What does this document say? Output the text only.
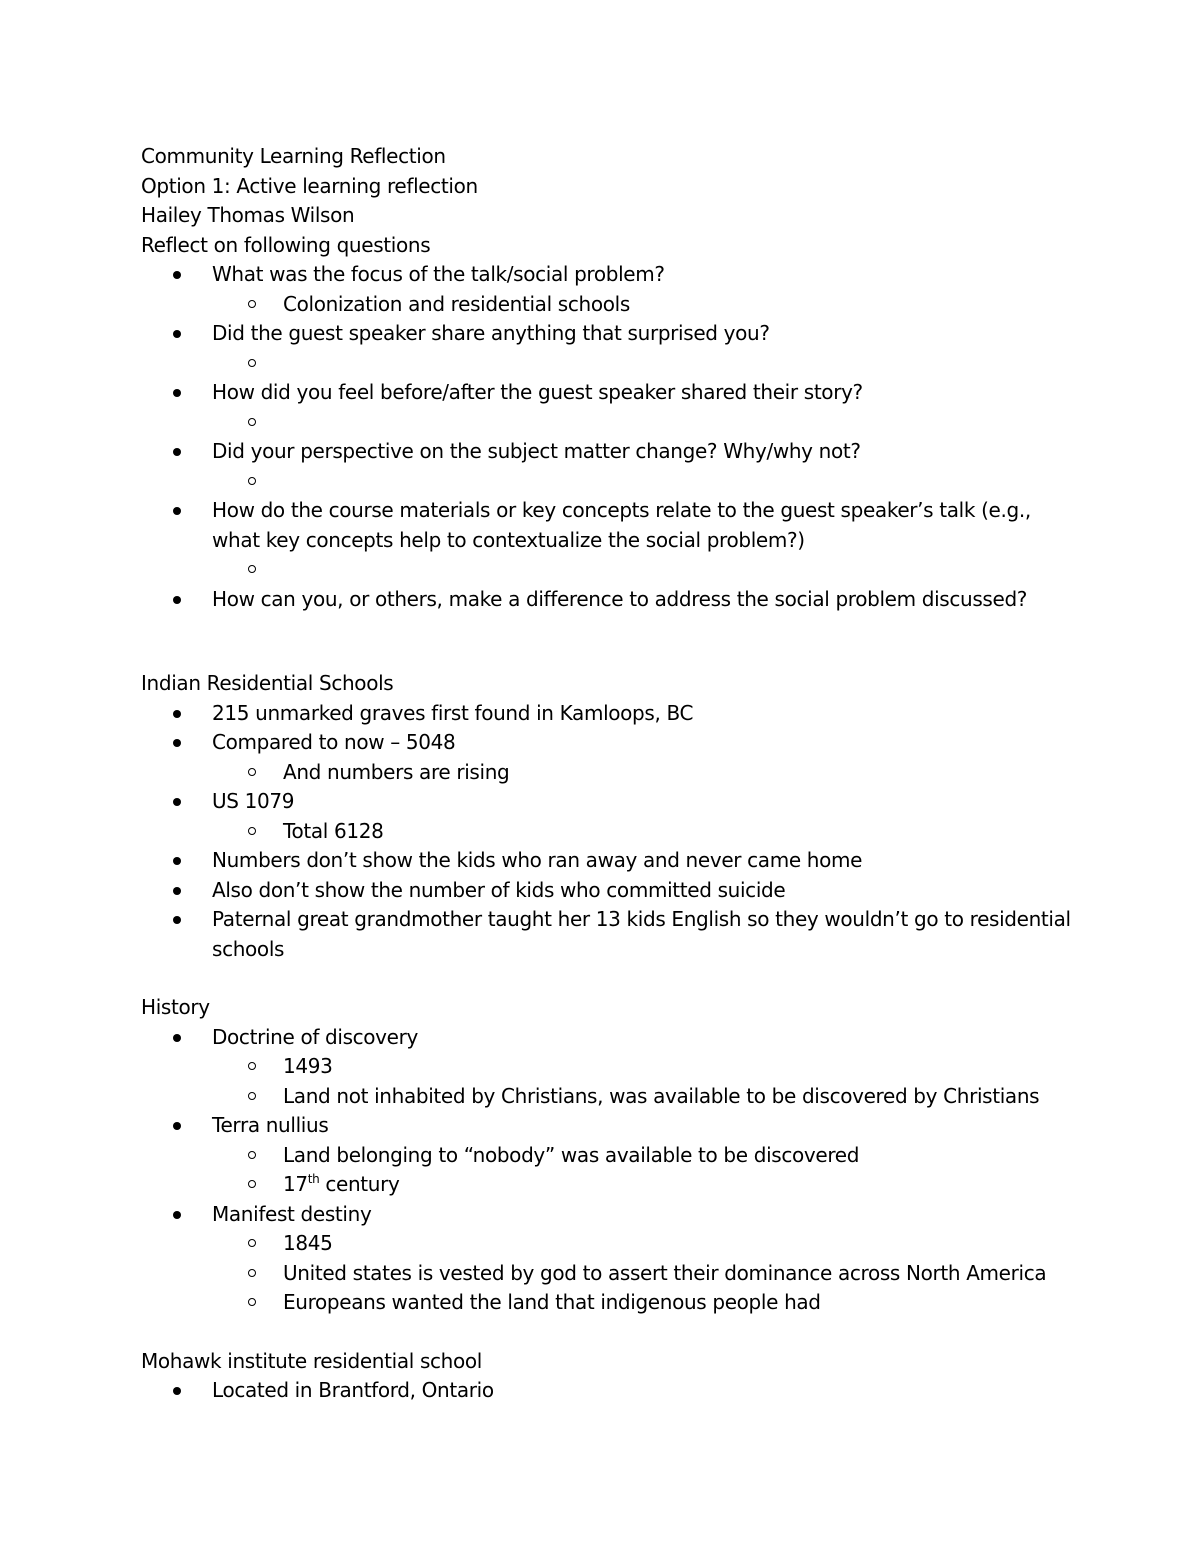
Community Learning Reflection
Option 1: Active learning reflection
Hailey Thomas Wilson
Reflect on following questions
What was the focus of the talk/social problem?
Colonization and residential schools
Did the guest speaker share anything that surprised you?
How did you feel before/after the guest speaker shared their story?
Did your perspective on the subject matter change? Why/why not?
How do the course materials or key concepts relate to the guest speaker’s talk (e.g., what key concepts help to contextualize the social problem?)
How can you, or others, make a difference to address the social problem discussed?
Indian Residential Schools
215 unmarked graves first found in Kamloops, BC
Compared to now – 5048
And numbers are rising
US 1079
Total 6128
Numbers don’t show the kids who ran away and never came home
Also don’t show the number of kids who committed suicide
Paternal great grandmother taught her 13 kids English so they wouldn’t go to residential schools
History
Doctrine of discovery
1493
Land not inhabited by Christians, was available to be discovered by Christians
Terra nullius
Land belonging to “nobody” was available to be discovered
17th century
Manifest destiny
1845
United states is vested by god to assert their dominance across North America
Europeans wanted the land that indigenous people had
Mohawk institute residential school
Located in Brantford, Ontario
